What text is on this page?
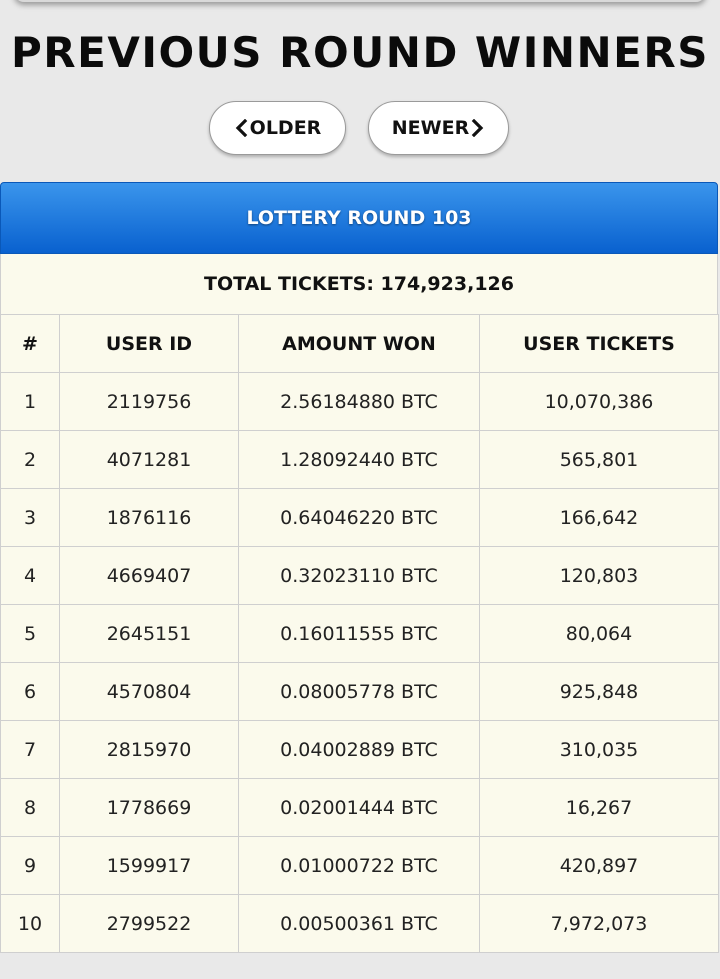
PREVIOUS ROUND WINNERS
OLDER	NEWER
LOTTERY ROUND 103
TOTAL TICKETS: 174,923,126
#	USER ID	AMOUNT WON	USER TICKETS
1	2119756	2.56184880 BTC	10,070,386
2	4071281	1.28092440 BTC	565,801
3	1876116	0.64046220 BTC	166,642
4	4669407	0.32023110 BTC	120,803
5	2645151	0.16011555 BTC	80,064
6	4570804	0.08005778 BTC	925,848
7	2815970	0.04002889 BTC	310,035
8	1778669	0.02001444 BTC	16,267
9	1599917	0.01000722 BTC	420,897
10	2799522	0.00500361 BTC	7,972,073
